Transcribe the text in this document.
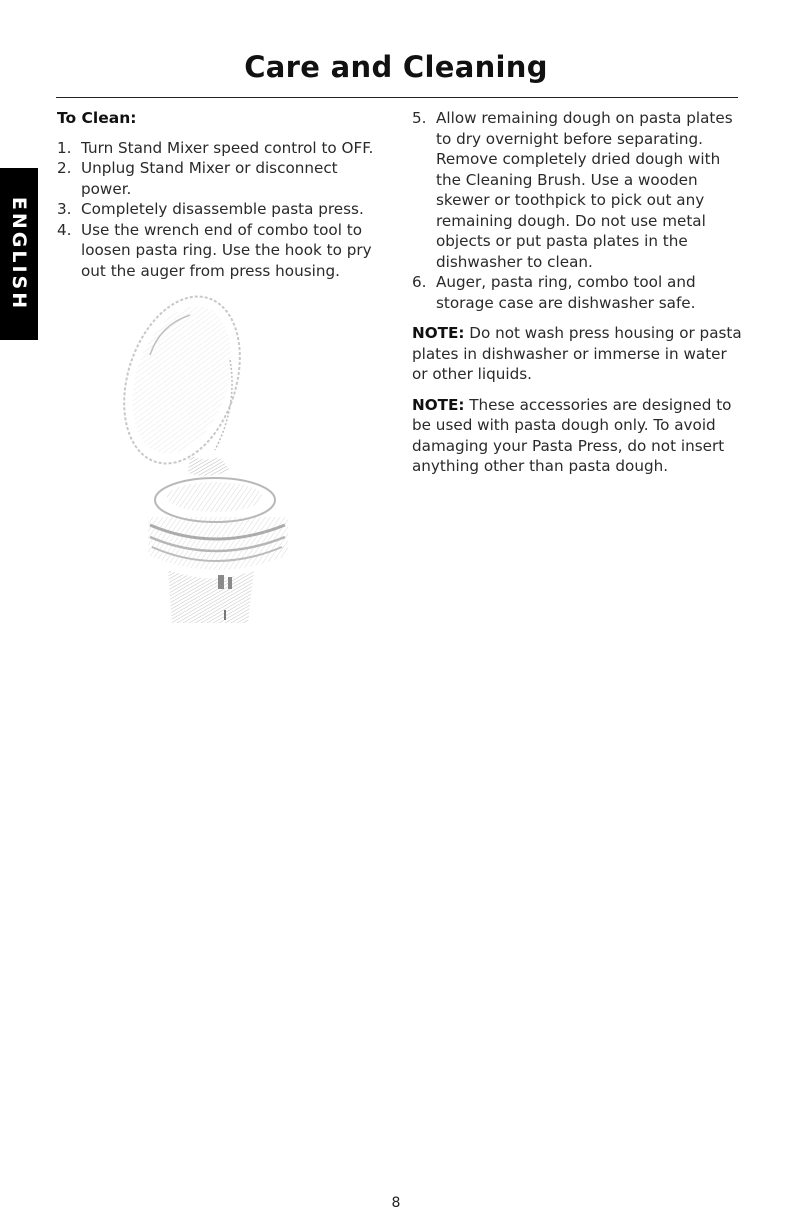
ENGLISH
Care and Cleaning
To Clean:
1. Turn Stand Mixer speed control to OFF.
2. Unplug Stand Mixer or disconnect power.
3. Completely disassemble pasta press.
4. Use the wrench end of combo tool to loosen pasta ring. Use the hook to pry out the auger from press housing.
5. Allow remaining dough on pasta plates to dry overnight before separating. Remove completely dried dough with the Cleaning Brush. Use a wooden skewer or toothpick to pick out any remaining dough. Do not use metal objects or put pasta plates in the dishwasher to clean.
6. Auger, pasta ring, combo tool and storage case are dishwasher safe.

NOTE: Do not wash press housing or pasta plates in dishwasher or immerse in water or other liquids.

NOTE: These accessories are designed to be used with pasta dough only. To avoid damaging your Pasta Press, do not insert anything other than pasta dough.

8
